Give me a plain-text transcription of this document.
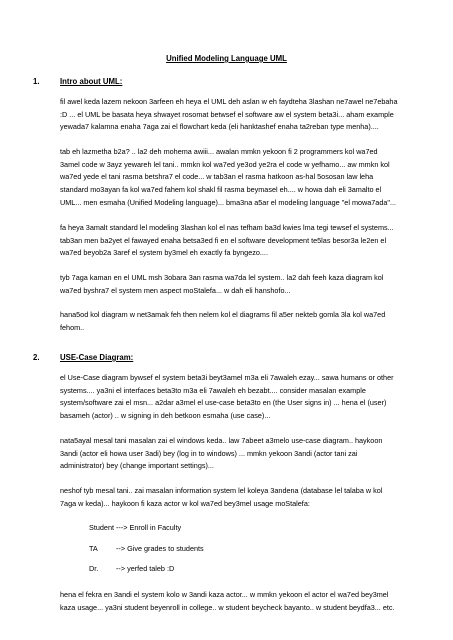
Unified Modeling Language UML
1.	Intro about UML:
fil awel keda lazem nekoon 3arfeen eh heya el UML deh aslan w eh faydteha 3lashan ne7awel ne7ebaha
:D ... el UML be basata heya shwayet rosomat betwsef el software aw el system beta3i... aham example
yewada7 kalamna enaha 7aga zai el flowchart keda (eli hanktashef enaha ta2reban type menha)....
tab eh lazmetha b2a? .. la2 deh mohema awiii... awalan mmkn yekoon fi 2 programmers kol wa7ed
3amel code w 3ayz yewareh lel tani.. mmkn kol wa7ed ye3od ye2ra el code w yefhamo... aw mmkn kol
wa7ed yede el tani rasma betshra7 el code... w tab3an el rasma hatkoon as-hal 5ososan law leha
standard mo3ayan fa kol wa7ed fahem kol shakl fil rasma beymasel eh.... w howa dah eli 3amalto el
UML... men esmaha (Unified Modeling language)... bma3na a5ar el modeling language "el mowa7ada"...
fa heya 3amalt standard lel modeling 3lashan kol el nas tefham ba3d kwies lma tegi tewsef el systems...
tab3an men ba2yet el fawayed enaha betsa3ed fi en el software development te5las besor3a le2en el
wa7ed beyob2a 3aref el system by3mel eh exactly fa byngezo....
tyb 7aga kaman en el UML msh 3obara 3an rasma wa7da lel system.. la2 dah feeh kaza diagram kol
wa7ed byshra7 el system men aspect moStalefa... w dah eli hanshofo...
hana5od kol diagram w net3amak feh then nelem kol el diagrams fil a5er nekteb gomla 3la kol wa7ed
fehom..
2.	USE-Case Diagram:
el Use-Case diagram bywsef el system beta3i beyt3amel m3a eli 7awaleh ezay... sawa humans or other
systems.... ya3ni el interfaces beta3to m3a eli 7awaleh eh bezabt.... consider masalan example
system/software zai el msn... a2dar a3mel el use-case beta3to en (the User signs in) ... hena el (user)
basameh (actor) .. w signing in deh betkoon esmaha (use case)...
nata5ayal mesal tani masalan zai el windows keda.. law 7abeet a3melo use-case diagram.. haykoon
3andi (actor eli howa user 3adi) bey (log in to windows) ... mmkn yekoon 3andi (actor tani zai
administrator) bey (change important settings)...
neshof tyb mesal tani.. zai masalan information system lel koleya 3andena (database lel talaba w kol
7aga w keda)... haykoon fi kaza actor w kol wa7ed bey3mel usage moStalefa:
Student ---> Enroll in Faculty
TA	--> Give grades to students
Dr. --> yerfed taleb :D
hena el fekra en 3andi el system kolo w 3andi kaza actor... w mmkn yekoon el actor el wa7ed bey3mel
kaza usage... ya3ni student beyenroll in college.. w student beycheck bayanto.. w student beydfa3... etc.
